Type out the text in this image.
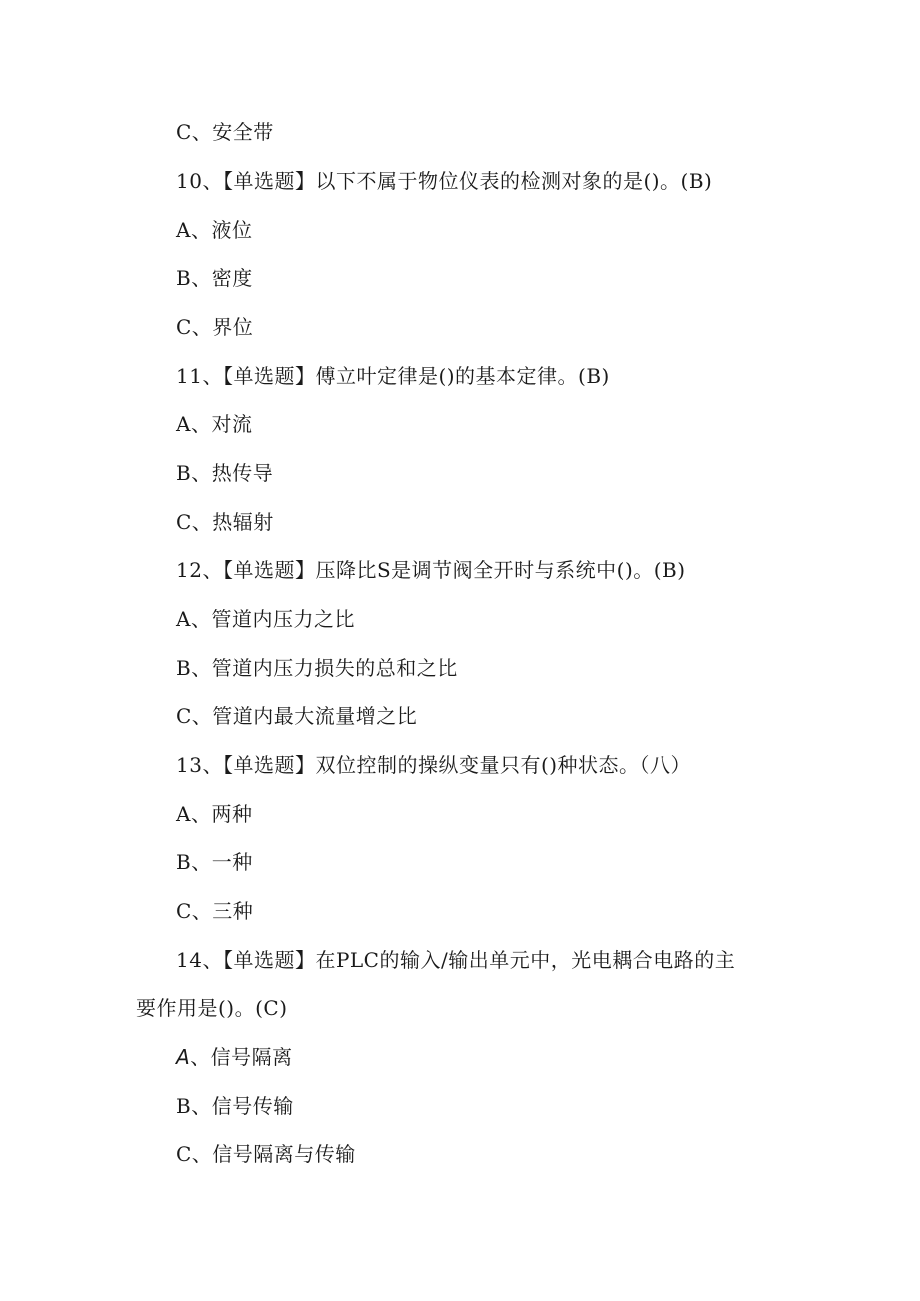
C、安全带
10、【单选题】以下不属于物位仪表的检测对象的是()。(B)
A、液位
B、密度
C、界位
11、【单选题】傅立叶定律是()的基本定律。(B)
A、对流
B、热传导
C、热辐射
12、【单选题】压降比S是调节阀全开时与系统中()。(B)
A、管道内压力之比
B、管道内压力损失的总和之比
C、管道内最大流量增之比
13、【单选题】双位控制的操纵变量只有()种状态。（八）
A、两种
B、一种
C、三种
14、【单选题】在PLC的输入/输出单元中，光电耦合电路的主
要作用是()。(C)
A、信号隔离
B、信号传输
C、信号隔离与传输
